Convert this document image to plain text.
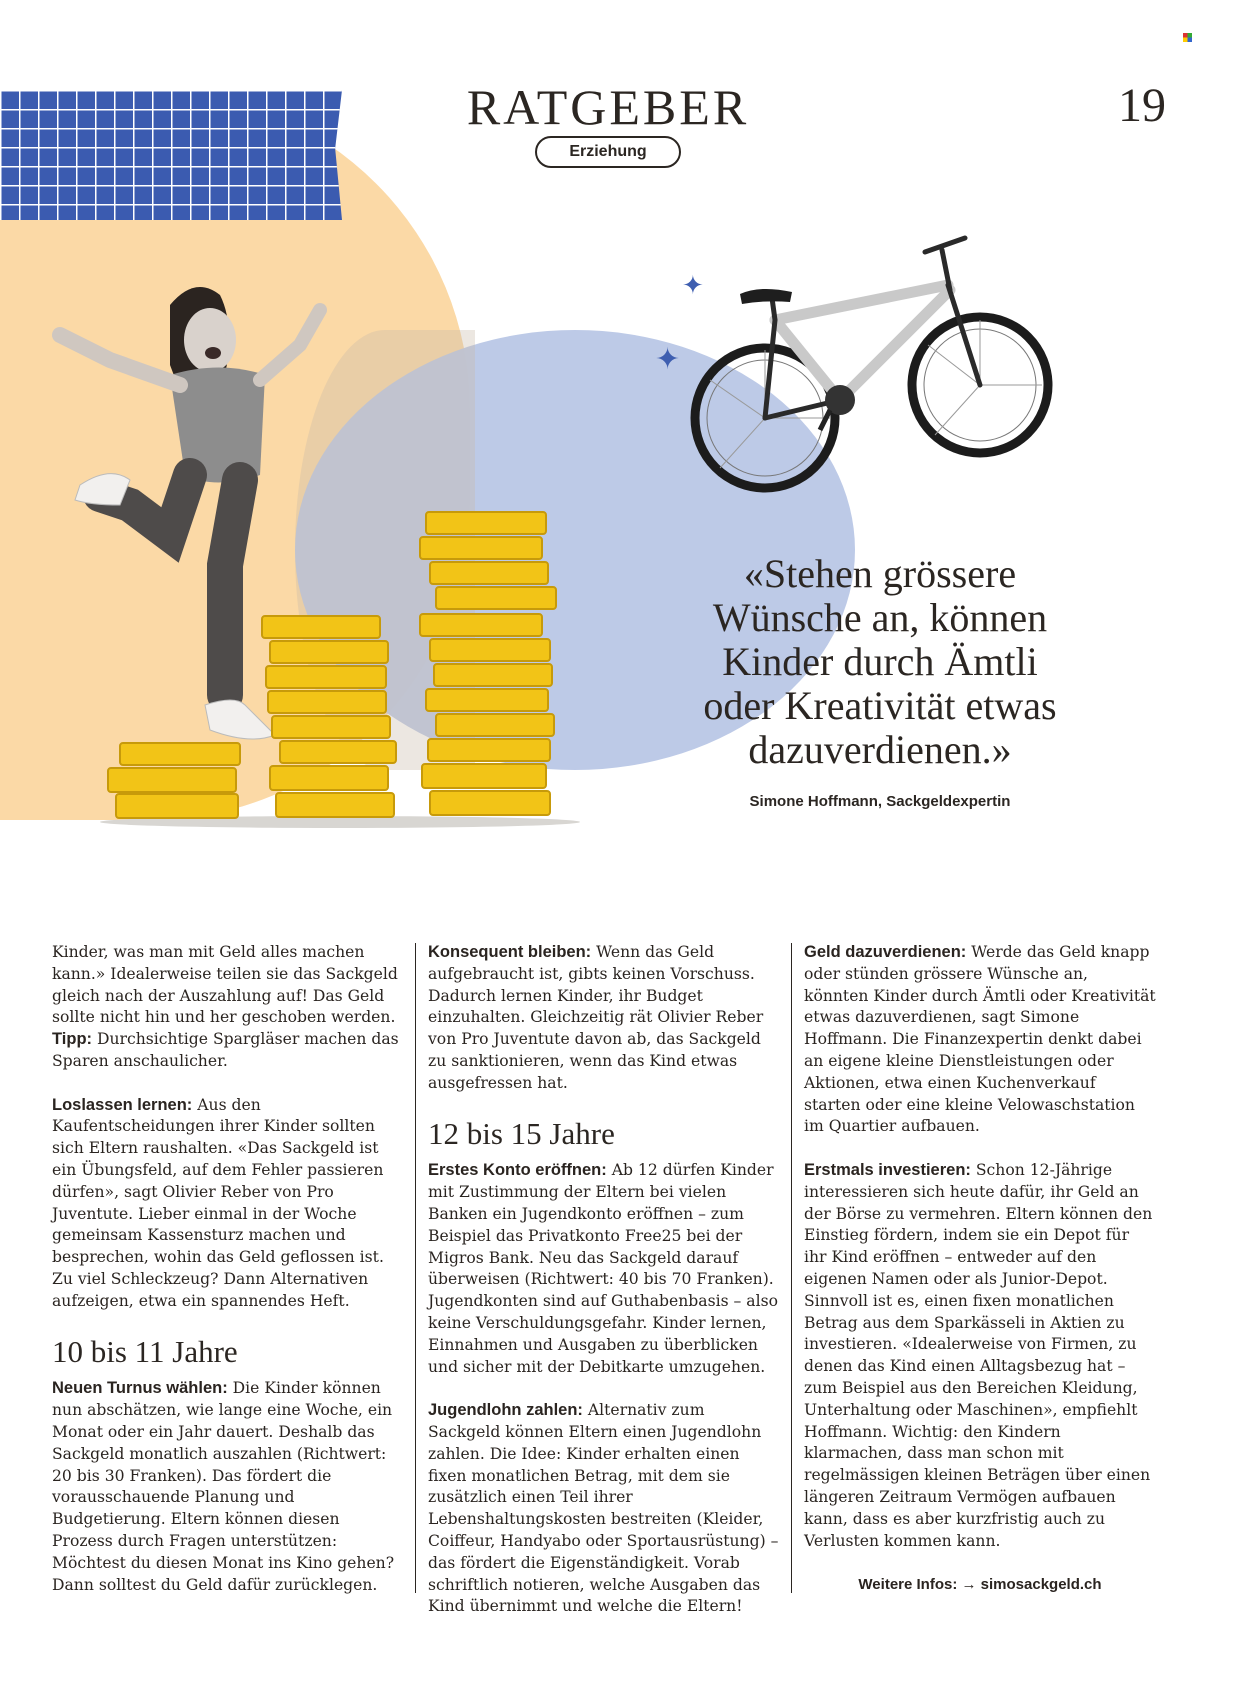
RATGEBER	19
Erziehung
✦
✦
«Stehen grössere
Wünsche an, können
Kinder durch Ämtli
oder Kreativität etwas
dazuverdienen.»
Simone Hoffmann, Sackgeldexpertin

Kinder, was man mit Geld alles machen kann.» Idealerweise teilen sie das Sackgeld gleich nach der Auszahlung auf! Das Geld sollte nicht hin und her geschoben werden.
Tipp: Durchsichtige Spargläser machen das Sparen anschaulicher.

Loslassen lernen: Aus den Kaufentscheidungen ihrer Kinder sollten sich Eltern raushalten. «Das Sackgeld ist ein Übungsfeld, auf dem Fehler passieren dürfen», sagt Olivier Reber von Pro Juventute. Lieber einmal in der Woche gemeinsam Kassensturz machen und besprechen, wohin das Geld geflossen ist. Zu viel Schleckzeug? Dann Alternativen aufzeigen, etwa ein spannendes Heft.

10 bis 11 Jahre

Neuen Turnus wählen: Die Kinder können nun abschätzen, wie lange eine Woche, ein Monat oder ein Jahr dauert. Deshalb das Sackgeld monatlich auszahlen (Richtwert: 20 bis 30 Franken). Das fördert die vorausschauende Planung und Budgetierung. Eltern können diesen Prozess durch Fragen unterstützen: Möchtest du diesen Monat ins Kino gehen? Dann solltest du Geld dafür zurücklegen.

Konsequent bleiben: Wenn das Geld aufgebraucht ist, gibts keinen Vorschuss. Dadurch lernen Kinder, ihr Budget einzuhalten. Gleichzeitig rät Olivier Reber von Pro Juventute davon ab, das Sackgeld zu sanktionieren, wenn das Kind etwas ausgefressen hat.

12 bis 15 Jahre

Erstes Konto eröffnen: Ab 12 dürfen Kinder mit Zustimmung der Eltern bei vielen Banken ein Jugendkonto eröffnen – zum Beispiel das Privatkonto Free25 bei der Migros Bank. Neu das Sackgeld darauf überweisen (Richtwert: 40 bis 70 Franken). Jugendkonten sind auf Guthabenbasis – also keine Verschuldungsgefahr. Kinder lernen, Einnahmen und Ausgaben zu überblicken und sicher mit der Debitkarte umzugehen.

Jugendlohn zahlen: Alternativ zum Sackgeld können Eltern einen Jugendlohn zahlen. Die Idee: Kinder erhalten einen fixen monatlichen Betrag, mit dem sie zusätzlich einen Teil ihrer Lebenshaltungskosten bestreiten (Kleider, Coiffeur, Handyabo oder Sportausrüstung) – das fördert die Eigenständigkeit. Vorab schriftlich notieren, welche Ausgaben das Kind übernimmt und welche die Eltern!

Geld dazuverdienen: Werde das Geld knapp oder stünden grössere Wünsche an, könnten Kinder durch Ämtli oder Kreativität etwas dazuverdienen, sagt Simone Hoffmann. Die Finanzexpertin denkt dabei an eigene kleine Dienstleistungen oder Aktionen, etwa einen Kuchenverkauf starten oder eine kleine Velowaschstation im Quartier aufbauen.

Erstmals investieren: Schon 12-Jährige interessieren sich heute dafür, ihr Geld an der Börse zu vermehren. Eltern können den Einstieg fördern, indem sie ein Depot für ihr Kind eröffnen – entweder auf den eigenen Namen oder als Junior-Depot. Sinnvoll ist es, einen fixen monatlichen Betrag aus dem Sparkässeli in Aktien zu investieren. «Idealerweise von Firmen, zu denen das Kind einen Alltagsbezug hat – zum Beispiel aus den Bereichen Kleidung, Unterhaltung oder Maschinen», empfiehlt Hoffmann. Wichtig: den Kindern klarmachen, dass man schon mit regelmässigen kleinen Beträgen über einen längeren Zeitraum Vermögen aufbauen kann, dass es aber kurzfristig auch zu Verlusten kommen kann.

Weitere Infos: → simosackgeld.ch
